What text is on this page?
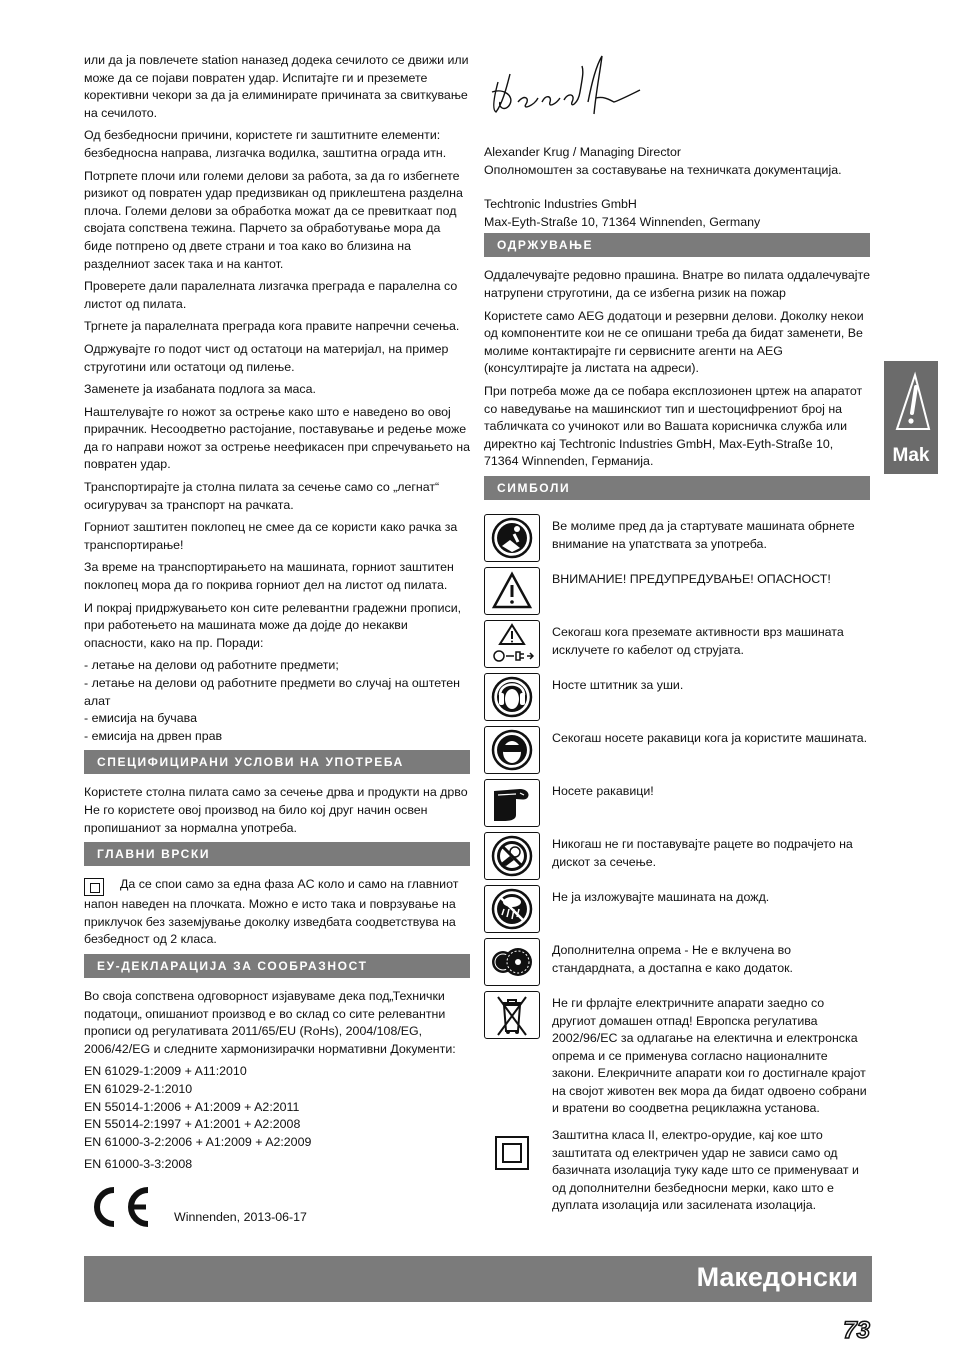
или да ја повлечете station наназед додека сечилото се движи или може да се појави повратен удар. Испитајте ги и преземете корективни чекори за да ја елиминирате причината за свиткување на сечилото.

Од безбедносни причини, користете ги заштитните елементи: безбедносна направа, лизгачка водилка, заштитна ограда итн.

Потрпете плочи или големи делови за работа, за да го избегнете ризикот од повратен удар предизвикан од приклештена разделна плоча. Големи делови за обработка можат да се превиткаат под својата сопствена тежина. Парчето за обработување мора да биде потпрено од двете страни и тоа како во близина на разделниот засек така и на кантот.

Проверете дали паралелната лизгачка преграда е паралелна со листот од пилата.

Тргнете ја паралелната преграда кога правите напречни сечења.

Одржувајте го подот чист од остатоци на материјал, на пример струготини или остатоци од пилење.

Заменете ја изабаната подлога за маса.

Наштелувајте го ножот за острење како што е наведено во овој прирачник. Несоодветно растојание, поставување и редење може да го направи ножот за острење неефикасен при спречувањето на повратен удар.

Транспортирајте ја столна пилата за сечење само со „легнат“ осигурувач за транспорт на рачката.

Горниот заштитен поклопец не смее да се користи како рачка за транспортирање!

За време на транспортирањето на машината, горниот заштитен поклопец мора да го покрива горниот дел на листот од пилата.

И покрај придржувањето кон сите релевантни градежни прописи, при работењето на машината може да дојде до некакви опасности, како на пр. Поради:

- летање на делови од работните предмети;
- летање на делови од работните предмети во случај на оштетен алат
- емисија на бучава
- емисија на дрвен прав
СПЕЦИФИЦИРАНИ УСЛОВИ НА УПОТРЕБА

Користете столна пилата само за сечење дрва и продукти на дрво Не го користете овој производ на било кој друг начин освен пропишаниот за нормална употреба.

ГЛАВНИ ВРСКИ

Да се спои само за една фаза AC коло и само на главниот напон наведен на плочката. Можно е исто така и поврзување на приклучок без заземјување доколку изведбата соодветствува на безбедност од 2 класа.

ЕУ-ДЕКЛАРАЦИЈА ЗА СООБРАЗНОСТ

Во своја сопствена одговорност изјавуваме дека под„Технички податоци„ опишаниот производ е во склад со сите релевантни прописи од регулативата 2011/65/EU (RoHs), 2004/108/EG, 2006/42/EG и следните хармонизирачки нормативни Документи:

EN 61029-1:2009 + A11:2010
EN 61029-2-1:2010
EN 55014-1:2006 + A1:2009 + A2:2011
EN 55014-2:1997 + A1:2001 + A2:2008
EN 61000-3-2:2006 + A1:2009 + A2:2009
EN 61000-3-3:2008
Winnenden, 2013-06-17
Alexander Krug / Managing Director
Ополномоштен за составување на техничката документација.
Techtronic Industries GmbH
Max-Eyth-Straße 10, 71364 Winnenden, Germany
ОДРЖУВАЊЕ

Оддалечувајте редовно прашина. Внатре во пилата оддалечувајте натрупени струготини, да се избегна ризик на пожар

Користете само AEG додатоци и резервни делови. Доколку некои од компонентите кои не се опишани треба да бидат заменети, Ве молиме контактирајте ги сервисните агенти на AEG (консултирајте ја листата на адреси).

При потреба може да се побара експлозионен цртеж на апаратот со наведување на машинскиот тип и шестоцифрениот број на табличката со учинокот или во Вашата корисничка служба или директно кај Techtronic Industries GmbH, Max-Eyth-Straße 10, 71364 Winnenden, Германија.

СИМБОЛИ
Ве молиме пред да ја стартувате машината обрнете внимание на упатствата за употреба.
ВНИМАНИЕ! ПРЕДУПРЕДУВАЊЕ! ОПАСНОСТ!
Секогаш кога преземате активности врз машината исклучете го кабелот од струјата.
Носте штитник за уши.
Секогаш носете ракавици кога ја користите машината.
Носете ракавици!
Никогаш не ги поставувајте рацете во подрачјето на дискот за сечење.
Не ја изложувајте машината на дожд.
Дополнителна опрема - Не е вклучена во стандардната, а достапна е како додаток.
Не ги фрлајте електричните апарати заедно со другиот домашен отпад! Европска регулатива 2002/96/EC за одлагање на електична и електронска опрема и се применува согласно националните закони. Елекричните апарати кои го достигнале крајот на својот животен век мора да бидат одвоено собрани и вратени во соодветна рециклажна установа.
Заштитна класа II, електро-орудие, кај кое што заштитата од електричен удар не зависи само од базичната изолација туку каде што се применуваат и од дополнителни безбедносни мерки, како што е дуплата изолација или засилената изолација.
Mak
Македонски
73
